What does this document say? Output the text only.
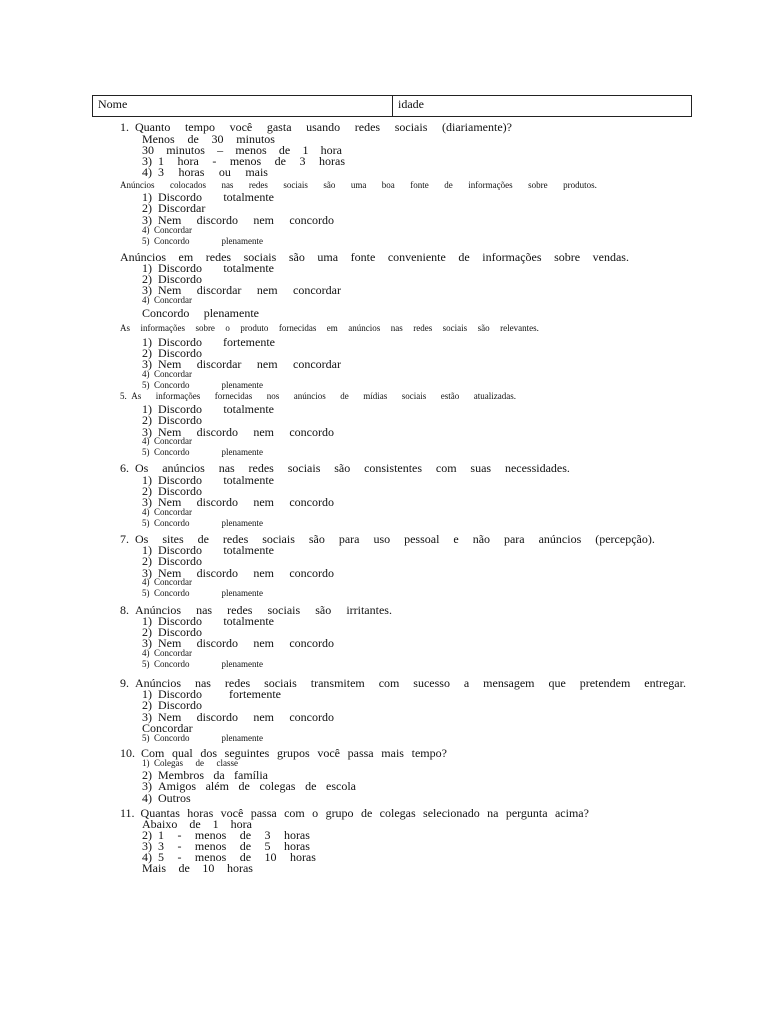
Nome	idade
1. Quanto tempo você gasta usando redes sociais (diariamente)?
Menos de 30 minutos
30 minutos – menos de 1 hora
3) 1 hora - menos de 3 horas
4) 3 horas ou mais
Anúncios colocados nas redes sociais são uma boa fonte de informações sobre produtos.
1) Discordo totalmente
2) Discordar
3) Nem discordo nem concordo
4) Concordar
5) Concordo	plenamente
Anúncios em redes sociais são uma fonte conveniente de informações sobre vendas.
1) Discordo totalmente
2) Discordo
3) Nem discordar nem concordar
4) Concordar
Concordo plenamente
As informações sobre o produto fornecidas em anúncios nas redes sociais são relevantes.
1) Discordo fortemente
2) Discordo
3) Nem discordar nem concordar
4) Concordar
5) Concordo	plenamente
5. As informações fornecidas nos anúncios de mídias sociais estão atualizadas.
1) Discordo totalmente
2) Discordo
3) Nem discordo nem concordo
4) Concordar
5) Concordo	plenamente
6. Os anúncios nas redes sociais são consistentes com suas necessidades.
1) Discordo totalmente
2) Discordo
3) Nem discordo nem concordo
4) Concordar
5) Concordo	plenamente
7. Os sites de redes sociais são para uso pessoal e não para anúncios (percepção).
1) Discordo totalmente
2) Discordo
3) Nem discordo nem concordo
4) Concordar
5) Concordo	plenamente
8. Anúncios nas redes sociais são irritantes.
1) Discordo totalmente
2) Discordo
3) Nem discordo nem concordo
4) Concordar
5) Concordo	plenamente
9. Anúncios nas redes sociais transmitem com sucesso a mensagem que pretendem entregar.
1) Discordo fortemente
2) Discordo
3) Nem discordo nem concordo
Concordar
5) Concordo	plenamente
10. Com qual dos seguintes grupos você passa mais tempo?
1) Colegas de classe
2) Membros da família
3) Amigos além de colegas de escola
4) Outros
11. Quantas horas você passa com o grupo de colegas selecionado na pergunta acima?
Abaixo de 1 hora
2) 1 - menos de 3 horas
3) 3 - menos de 5 horas
4) 5 - menos de 10 horas
Mais de 10 horas
